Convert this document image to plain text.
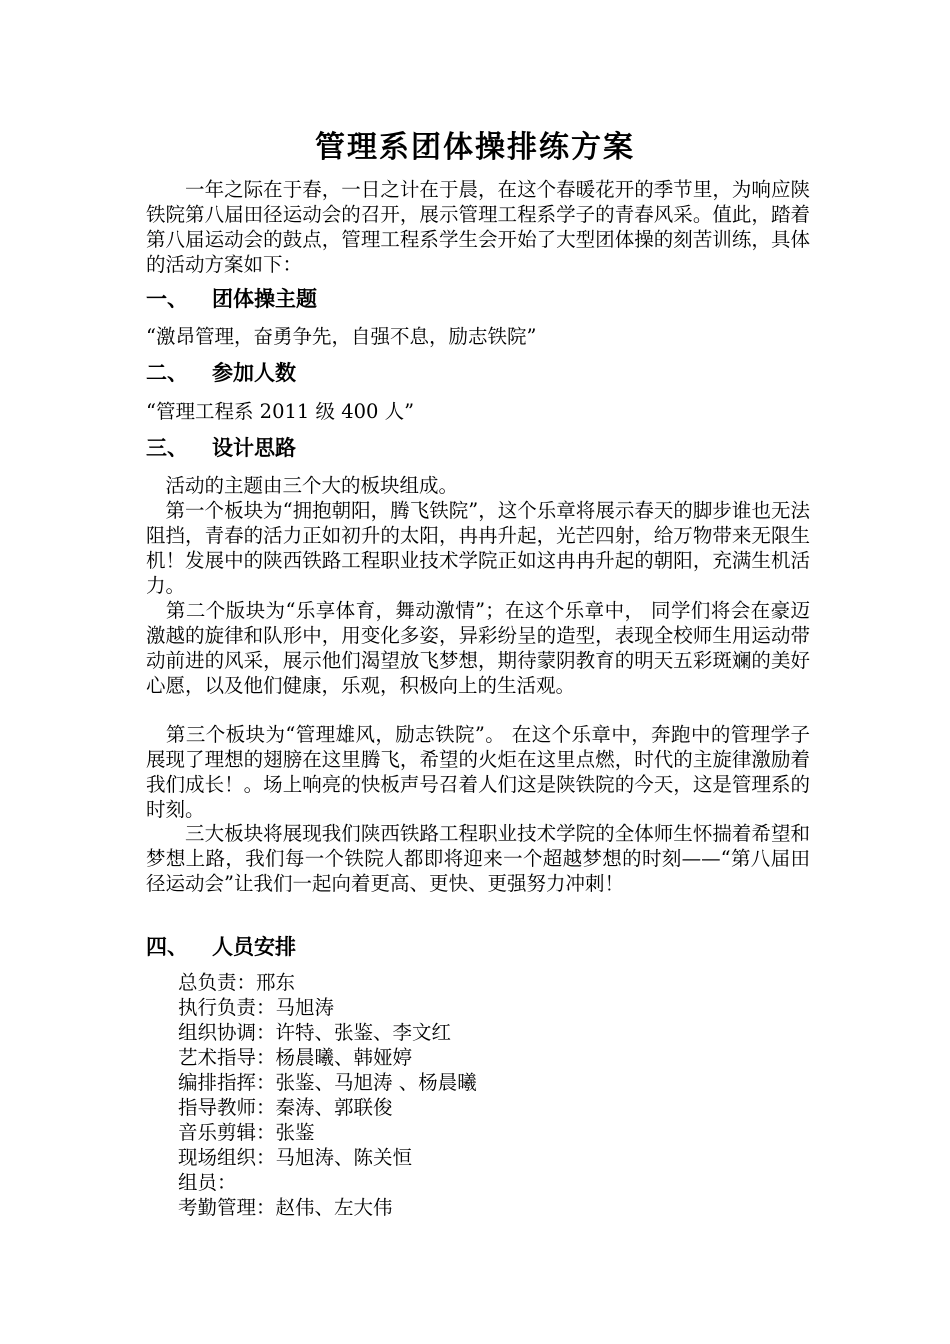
管理系团体操排练方案
　　一年之际在于春，一日之计在于晨，在这个春暖花开的季节里，为响应陕铁院第八届田径运动会的召开，展示管理工程系学子的青春风采。值此，踏着第八届运动会的鼓点，管理工程系学生会开始了大型团体操的刻苦训练，具体的活动方案如下：
一、 团体操主题
“激昂管理，奋勇争先，自强不息，励志铁院”
二、 参加人数
“管理工程系 2011 级 400 人”
三、 设计思路
　活动的主题由三个大的板块组成。
　第一个板块为“拥抱朝阳，腾飞铁院”，这个乐章将展示春天的脚步谁也无法阻挡，青春的活力正如初升的太阳，冉冉升起，光芒四射，给万物带来无限生机！发展中的陕西铁路工程职业技术学院正如这冉冉升起的朝阳，充满生机活力。
　第二个版块为“乐享体育，舞动激情”；在这个乐章中， 同学们将会在豪迈激越的旋律和队形中，用变化多姿，异彩纷呈的造型，表现全校师生用运动带动前进的风采，展示他们渴望放飞梦想，期待蒙阴教育的明天五彩斑斓的美好心愿，以及他们健康，乐观，积极向上的生活观。
　第三个板块为“管理雄风，励志铁院”。 在这个乐章中，奔跑中的管理学子展现了理想的翅膀在这里腾飞，希望的火炬在这里点燃，时代的主旋律激励着我们成长！。场上响亮的快板声号召着人们这是陕铁院的今天，这是管理系的时刻。
　　三大板块将展现我们陕西铁路工程职业技术学院的全体师生怀揣着希望和梦想上路，我们每一个铁院人都即将迎来一个超越梦想的时刻——“第八届田径运动会”让我们一起向着更高、更快、更强努力冲刺！
四、 人员安排
总负责：邢东
执行负责：马旭涛
组织协调：许特、张鉴、李文红
艺术指导：杨晨曦、韩娅婷
编排指挥：张鉴、马旭涛 、杨晨曦
指导教师：秦涛、郭联俊
音乐剪辑：张鉴
现场组织：马旭涛、陈关恒
组员：
考勤管理：赵伟、左大伟
